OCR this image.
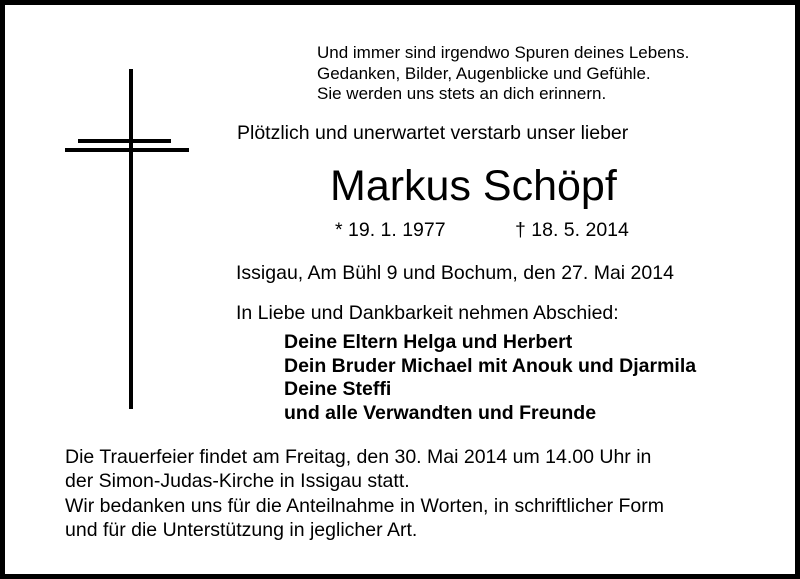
Und immer sind irgendwo Spuren deines Lebens.
Gedanken, Bilder, Augenblicke und Gefühle.
Sie werden uns stets an dich erinnern.
Plötzlich und unerwartet verstarb unser lieber
Markus Schöpf
* 19. 1. 1977	† 18. 5. 2014
Issigau, Am Bühl 9 und Bochum, den 27. Mai 2014
In Liebe und Dankbarkeit nehmen Abschied:
Deine Eltern Helga und Herbert
Dein Bruder Michael mit Anouk und Djarmila
Deine Steffi
und alle Verwandten und Freunde
Die Trauerfeier findet am Freitag, den 30. Mai 2014 um 14.00 Uhr in
der Simon-Judas-Kirche in Issigau statt.
Wir bedanken uns für die Anteilnahme in Worten, in schriftlicher Form
und für die Unterstützung in jeglicher Art.
